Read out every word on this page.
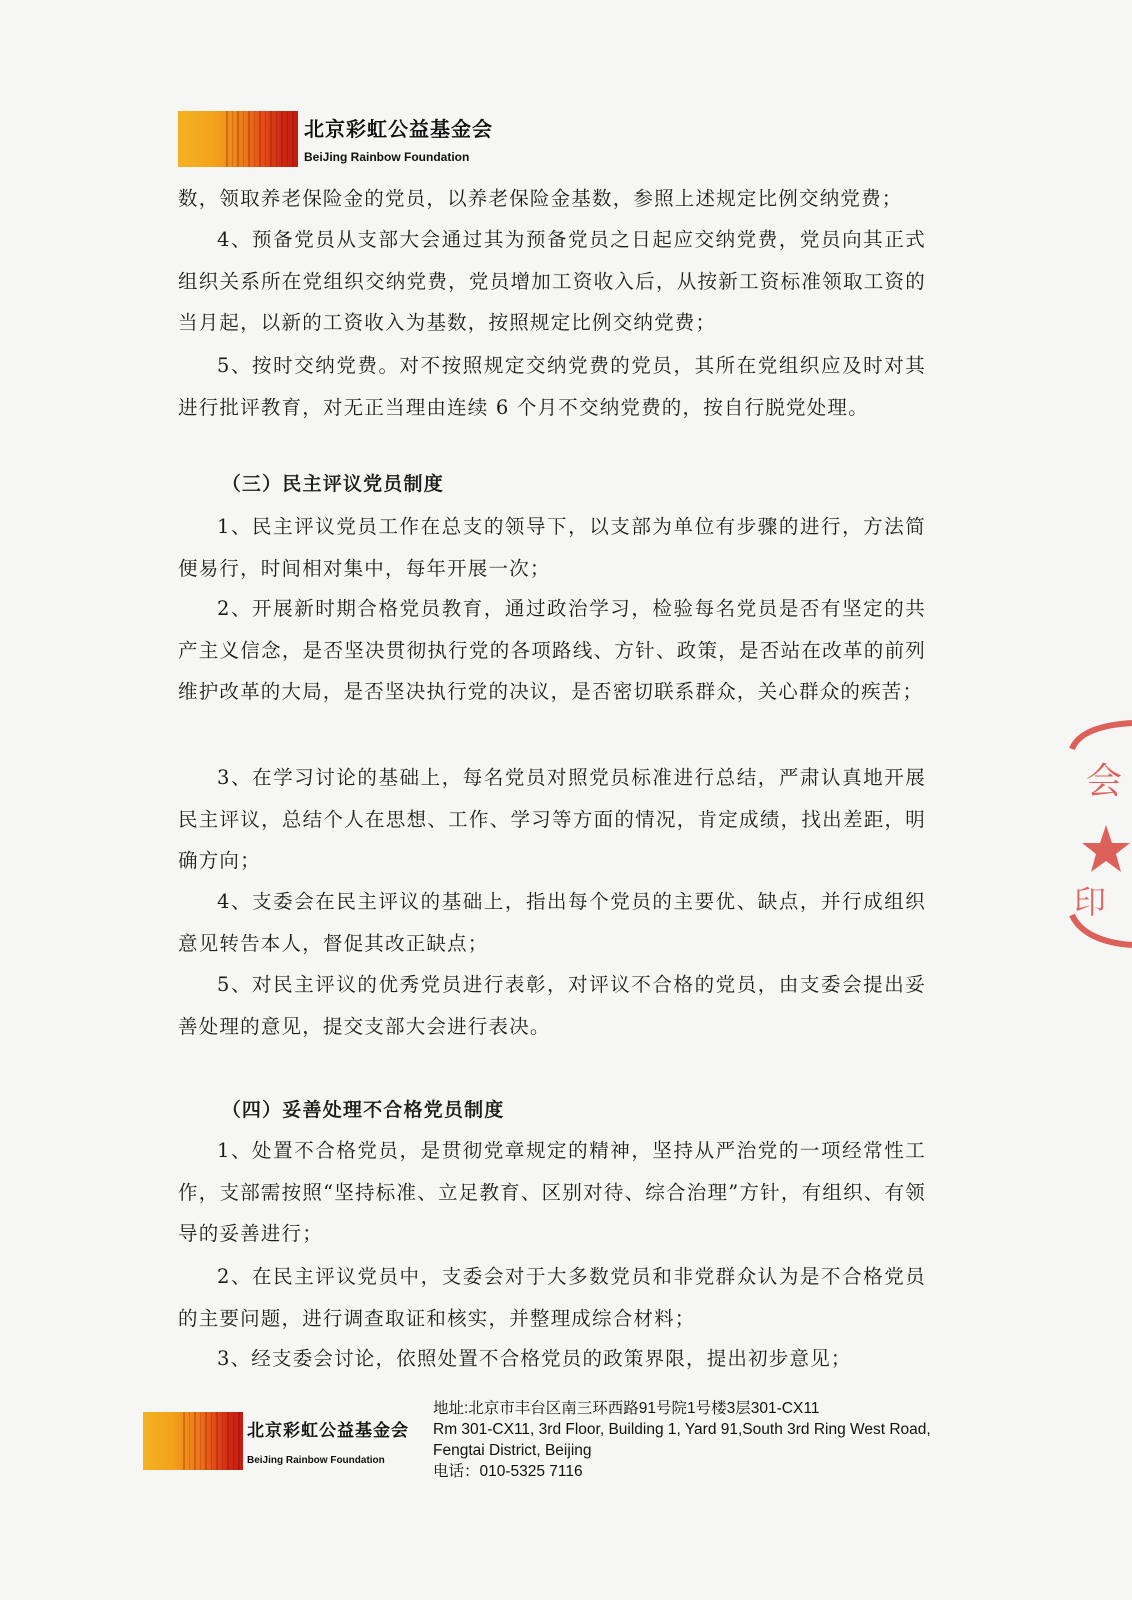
北京彩虹公益基金会
BeiJing Rainbow Foundation
数，领取养老保险金的党员，以养老保险金基数，参照上述规定比例交纳党费；
4、预备党员从支部大会通过其为预备党员之日起应交纳党费，党员向其正式组织关系所在党组织交纳党费，党员增加工资收入后，从按新工资标准领取工资的当月起，以新的工资收入为基数，按照规定比例交纳党费；
5、按时交纳党费。对不按照规定交纳党费的党员，其所在党组织应及时对其进行批评教育，对无正当理由连续 6 个月不交纳党费的，按自行脱党处理。
（三）民主评议党员制度
1、民主评议党员工作在总支的领导下，以支部为单位有步骤的进行，方法简便易行，时间相对集中，每年开展一次；
2、开展新时期合格党员教育，通过政治学习，检验每名党员是否有坚定的共产主义信念，是否坚决贯彻执行党的各项路线、方针、政策，是否站在改革的前列维护改革的大局，是否坚决执行党的决议，是否密切联系群众，关心群众的疾苦；
3、在学习讨论的基础上，每名党员对照党员标准进行总结，严肃认真地开展民主评议，总结个人在思想、工作、学习等方面的情况，肯定成绩，找出差距，明确方向；
4、支委会在民主评议的基础上，指出每个党员的主要优、缺点，并行成组织意见转告本人，督促其改正缺点；
5、对民主评议的优秀党员进行表彰，对评议不合格的党员，由支委会提出妥善处理的意见，提交支部大会进行表决。
（四）妥善处理不合格党员制度
1、处置不合格党员，是贯彻党章规定的精神，坚持从严治党的一项经常性工作，支部需按照“坚持标准、立足教育、区别对待、综合治理”方针，有组织、有领导的妥善进行；
2、在民主评议党员中，支委会对于大多数党员和非党群众认为是不合格党员的主要问题，进行调查取证和核实，并整理成综合材料；
3、经支委会讨论，依照处置不合格党员的政策界限，提出初步意见；
北京彩虹公益基金会
BeiJing Rainbow Foundation
地址:北京市丰台区南三环西路91号院1号楼3层301-CX11
Rm 301-CX11, 3rd Floor, Building 1, Yard 91,South 3rd Ring West Road,
Fengtai District, Beijing
电话：010-5325 7116
会
印
